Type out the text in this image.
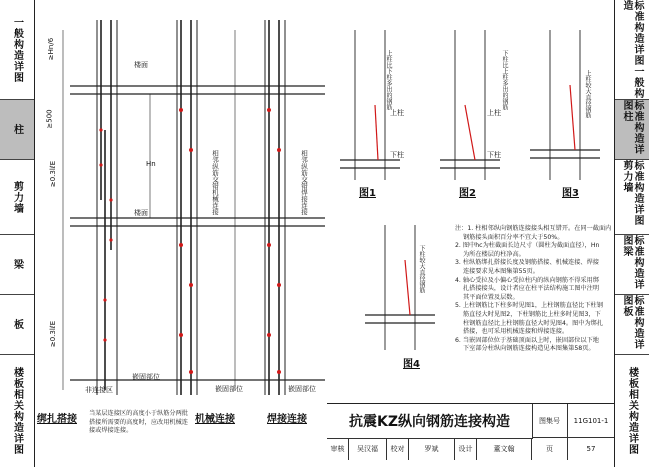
一般构造详图
柱
剪力墙
梁
板
楼板相关构造详图
标准构造详图一般构造
标准构造详图柱
标准构造详图剪力墙
标准构造详图梁
标准构造详图板
楼板相关构造详图
楼面
楼面
≥Hn/6
≥500
≥0.3lℓE
≥0.3lℓE
Hn
非连接区
嵌固部位
嵌固部位	嵌固部位
相邻纵筋交错机械连接	相邻纵筋交错焊接连接
绑扎搭接
当某层连接区的高度小于纵筋分两批搭接所需要的高度时，应改用机械连接或焊接连接。
机械连接	焊接连接
图1	图2	图3
上柱比下柱多出的钢筋	下柱比上柱多出的钢筋	上柱较大直径钢筋
上柱
下柱
上柱
下柱
图4
下柱较大直径钢筋
注：1. 柱相邻纵向钢筋连接接头相互错开。在同一截面内
钢筋接头面积百分率不宜大于50%。
2. 图中hc为柱截面长边尺寸（圆柱为截面直径），Hn
为所在楼层的柱净高。
3. 柱纵筋绑扎搭接长度及钢筋搭接、机械连接、焊接
连接要求见本图集第55页。
4. 轴心受拉及小偏心受拉柱内的纵向钢筋不得采用绑
扎搭接接头，设计者应在柱平法结构施工图中注明
其平面位置及层数。
5. 上柱钢筋比下柱多时见图1，上柱钢筋直径比下柱钢
筋直径大时见图2，下柱钢筋比上柱多时见图3，下
柱钢筋直径比上柱钢筋直径大时见图4。图中为绑扎
搭接，也可采用机械连接和焊接连接。
6. 当嵌固部位位于基础顶面以上时，嵌固部位以下地
下室部分柱纵向钢筋连接构造见本图集第58页。
抗震KZ纵向钢筋连接构造	图集号	11G101-1
审核	吴汉福	校对	罗斌	设计	董文翰	页	57
